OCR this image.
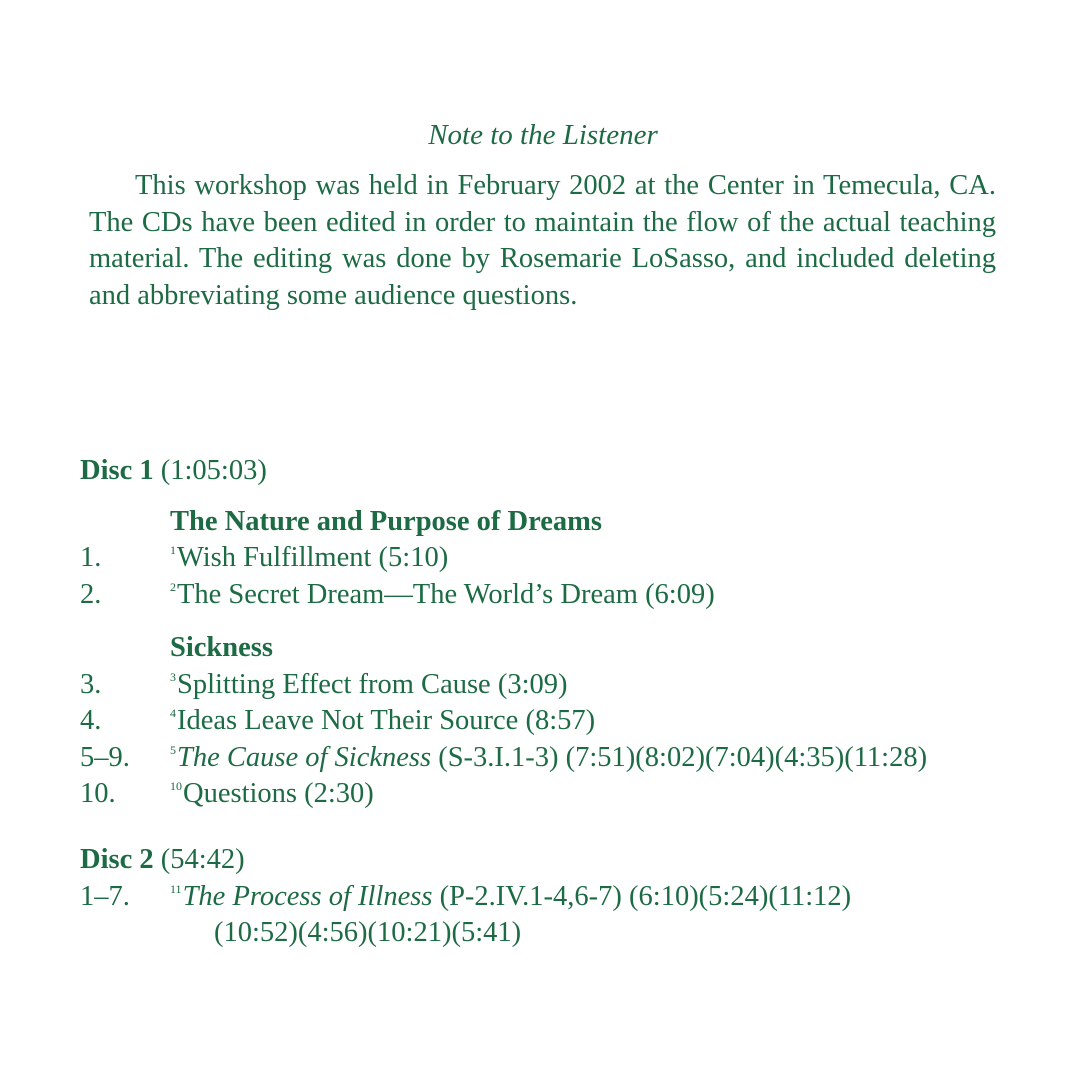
Note to the Listener

This workshop was held in February 2002 at the Center in Temecula, CA. The CDs have been edited in order to maintain the flow of the actual teaching material. The editing was done by Rosemarie LoSasso, and included deleting and abbreviating some audience questions.

Disc 1 (1:05:03)
The Nature and Purpose of Dreams
1.	$^1$Wish Fulfillment (5:10)
2.	$^2$The Secret Dream—The World’s Dream (6:09)
Sickness
3.	$^3$Splitting Effect from Cause (3:09)
4.	$^4$Ideas Leave Not Their Source (8:57)
5–9.	$^5$The Cause of Sickness (S-3.I.1-3) (7:51)(8:02)(7:04)(4:35)(11:28)
10.	$^{10}$Questions (2:30)
Disc 2 (54:42)
1–7.	$^{11}$The Process of Illness (P-2.IV.1-4,6-7) (6:10)(5:24)(11:12)
(10:52)(4:56)(10:21)(5:41)
